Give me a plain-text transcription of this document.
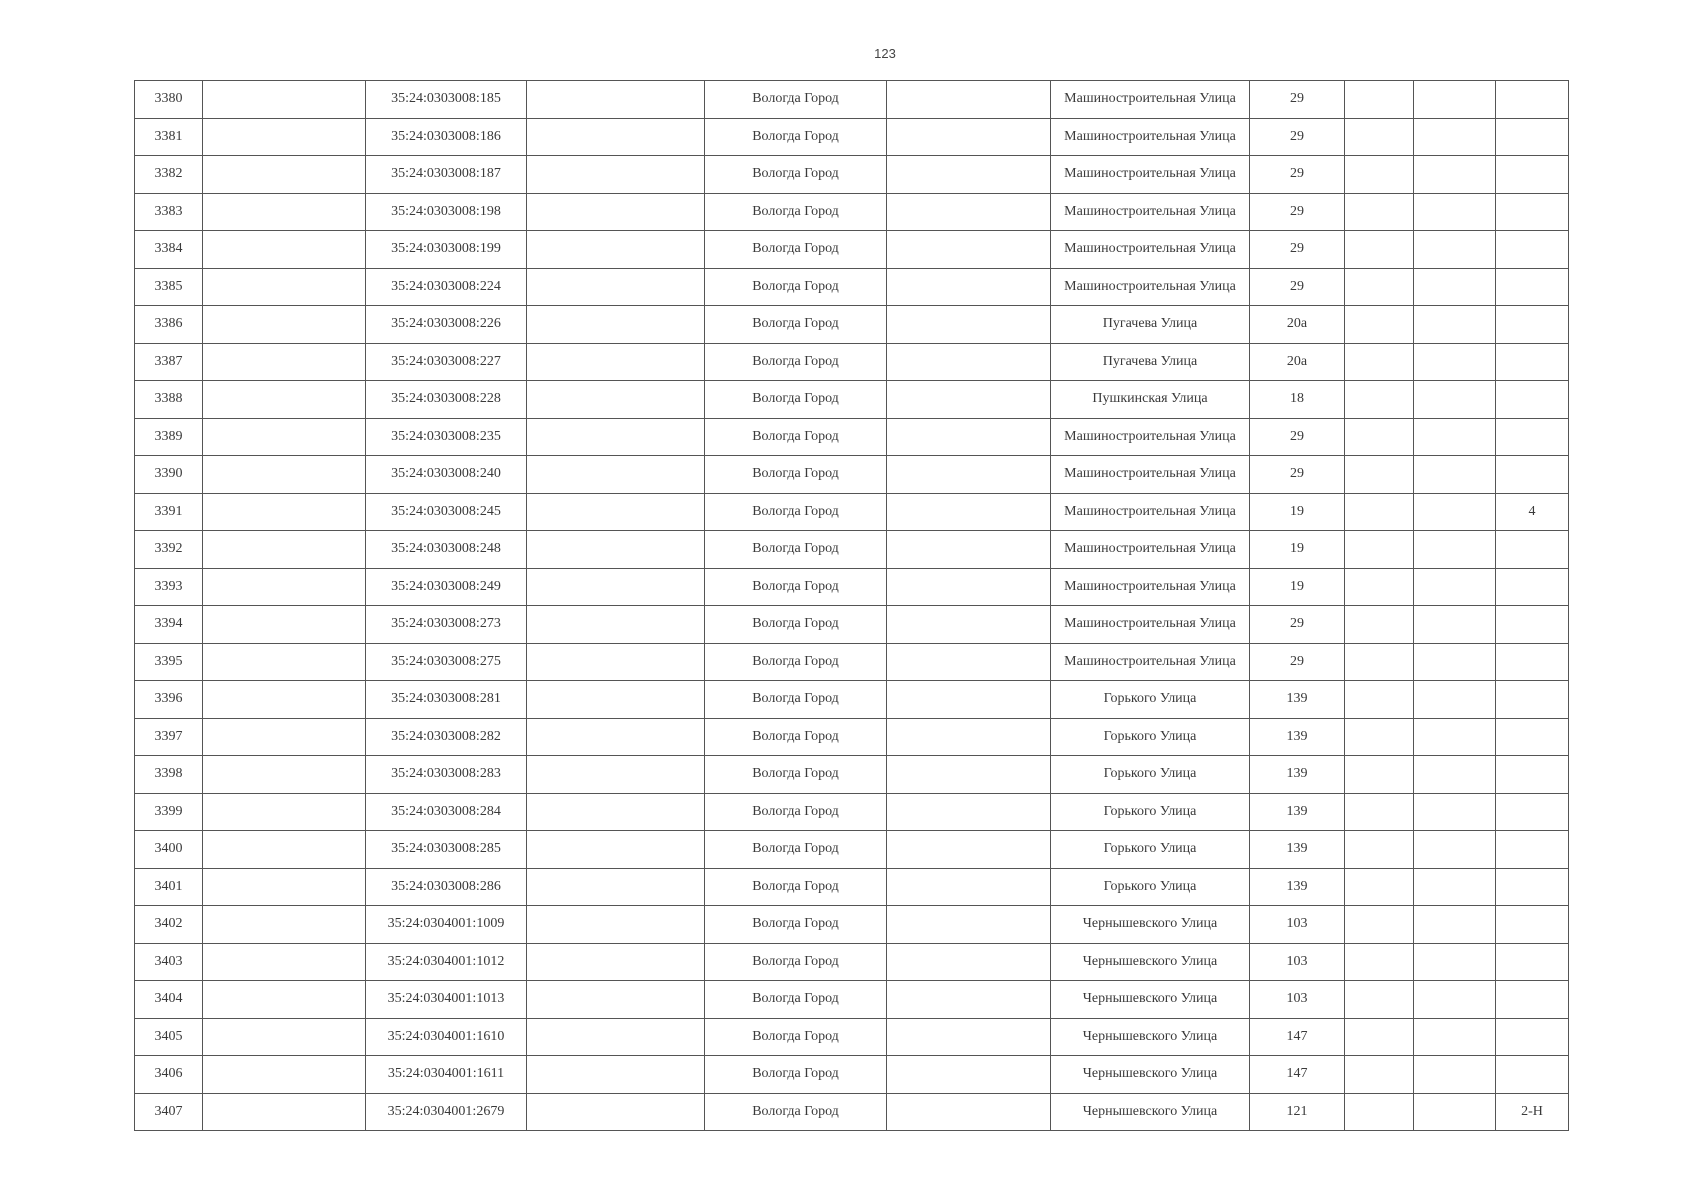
123
3380		35:24:0303008:185		Вологда Город		Машиностроительная Улица	29			
3381		35:24:0303008:186		Вологда Город		Машиностроительная Улица	29			
3382		35:24:0303008:187		Вологда Город		Машиностроительная Улица	29			
3383		35:24:0303008:198		Вологда Город		Машиностроительная Улица	29			
3384		35:24:0303008:199		Вологда Город		Машиностроительная Улица	29			
3385		35:24:0303008:224		Вологда Город		Машиностроительная Улица	29			
3386		35:24:0303008:226		Вологда Город		Пугачева Улица	20а			
3387		35:24:0303008:227		Вологда Город		Пугачева Улица	20а			
3388		35:24:0303008:228		Вологда Город		Пушкинская Улица	18			
3389		35:24:0303008:235		Вологда Город		Машиностроительная Улица	29			
3390		35:24:0303008:240		Вологда Город		Машиностроительная Улица	29			
3391		35:24:0303008:245		Вологда Город		Машиностроительная Улица	19			4
3392		35:24:0303008:248		Вологда Город		Машиностроительная Улица	19			
3393		35:24:0303008:249		Вологда Город		Машиностроительная Улица	19			
3394		35:24:0303008:273		Вологда Город		Машиностроительная Улица	29			
3395		35:24:0303008:275		Вологда Город		Машиностроительная Улица	29			
3396		35:24:0303008:281		Вологда Город		Горького Улица	139			
3397		35:24:0303008:282		Вологда Город		Горького Улица	139			
3398		35:24:0303008:283		Вологда Город		Горького Улица	139			
3399		35:24:0303008:284		Вологда Город		Горького Улица	139			
3400		35:24:0303008:285		Вологда Город		Горького Улица	139			
3401		35:24:0303008:286		Вологда Город		Горького Улица	139			
3402		35:24:0304001:1009		Вологда Город		Чернышевского Улица	103			
3403		35:24:0304001:1012		Вологда Город		Чернышевского Улица	103			
3404		35:24:0304001:1013		Вологда Город		Чернышевского Улица	103			
3405		35:24:0304001:1610		Вологда Город		Чернышевского Улица	147			
3406		35:24:0304001:1611		Вологда Город		Чернышевского Улица	147			
3407		35:24:0304001:2679		Вологда Город		Чернышевского Улица	121			2-Н
